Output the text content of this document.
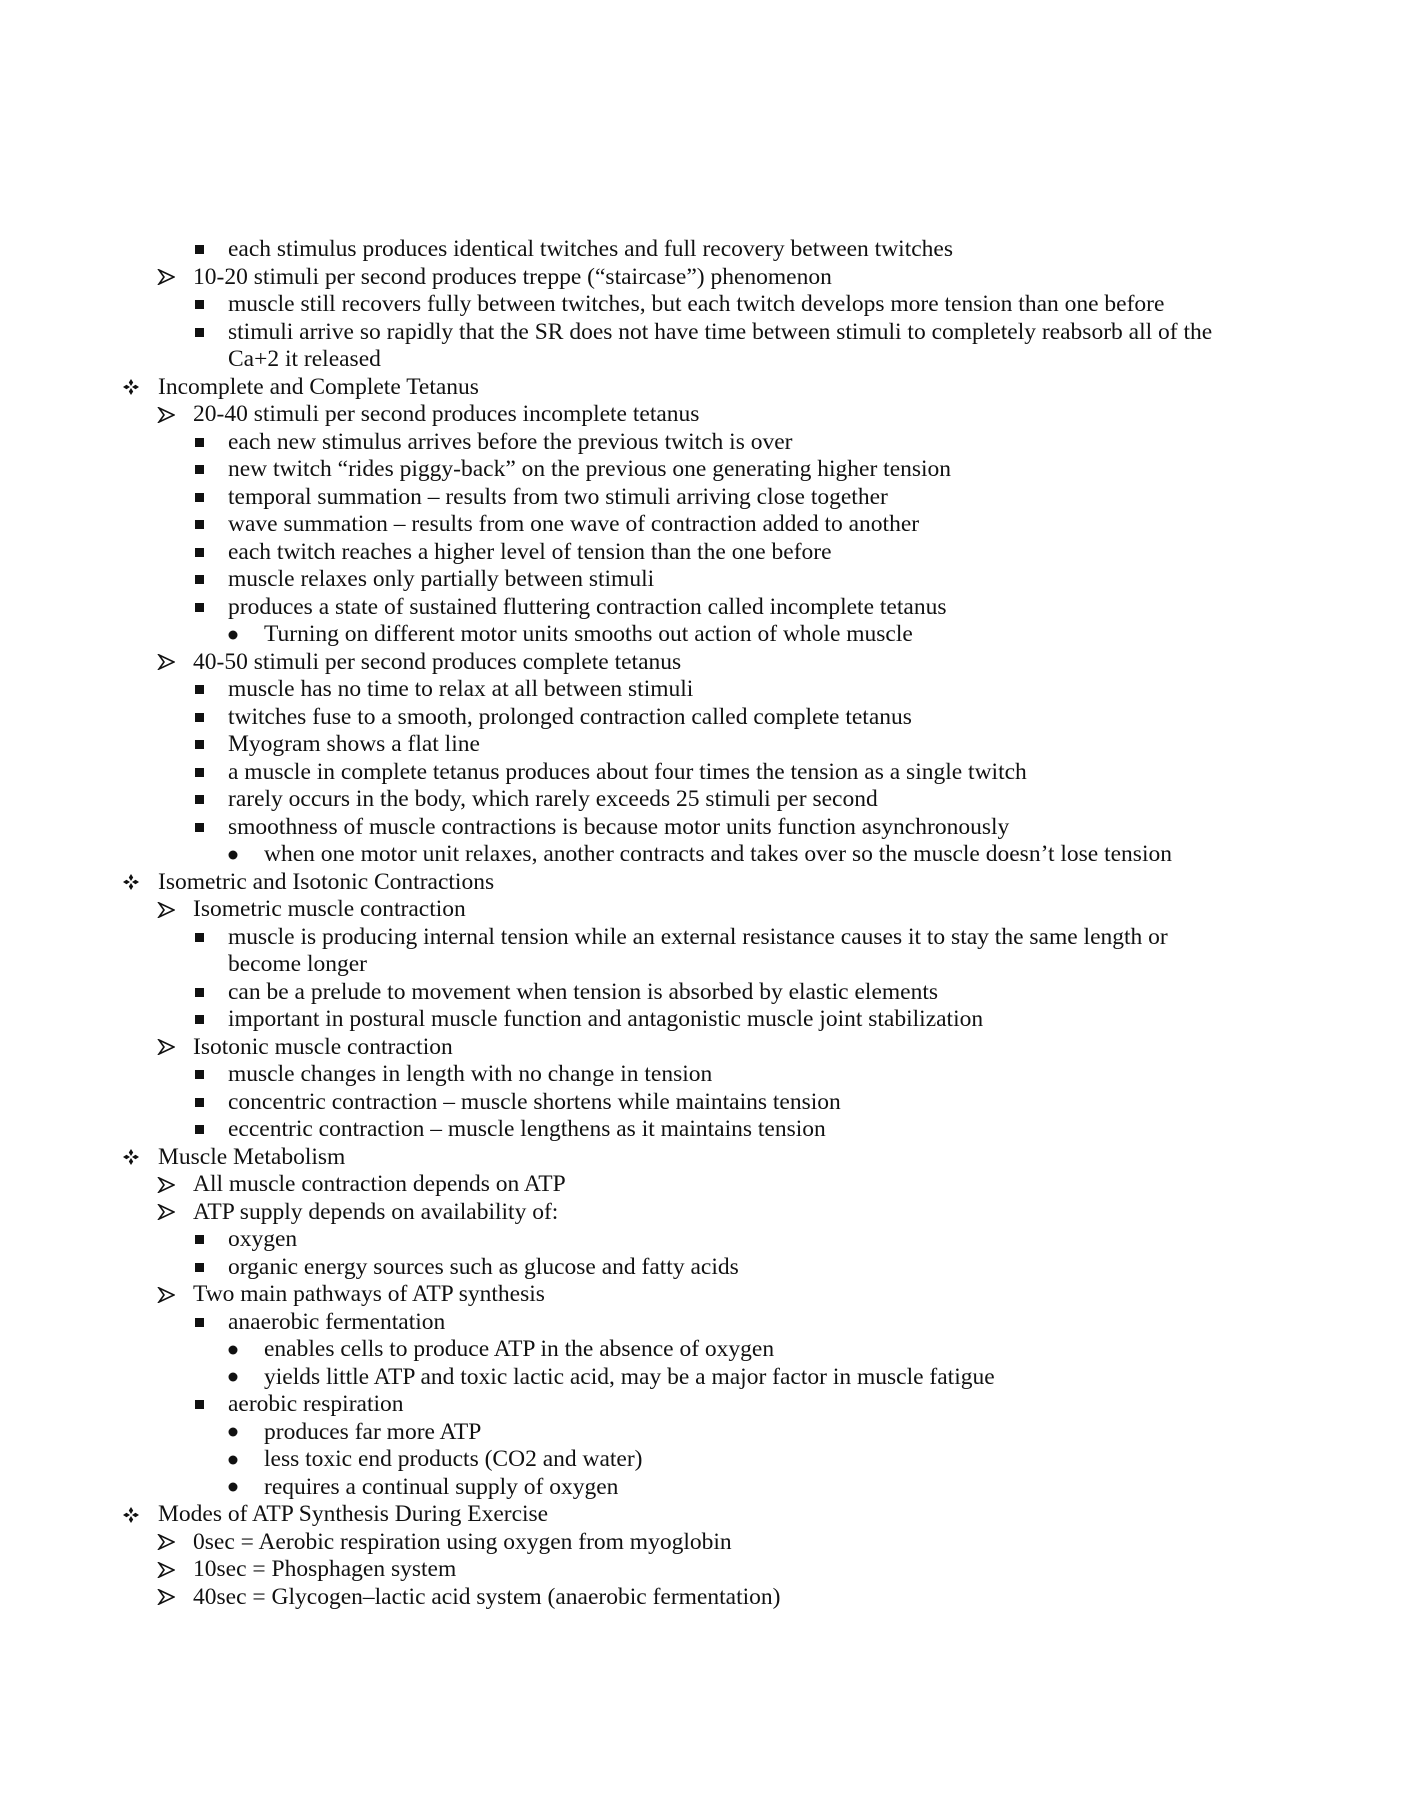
each stimulus produces identical twitches and full recovery between twitches
10-20 stimuli per second produces treppe (“staircase”) phenomenon
muscle still recovers fully between twitches, but each twitch develops more tension than one before
stimuli arrive so rapidly that the SR does not have time between stimuli to completely reabsorb all of the Ca+2 it released
Incomplete and Complete Tetanus
20-40 stimuli per second produces incomplete tetanus
each new stimulus arrives before the previous twitch is over
new twitch “rides piggy-back” on the previous one generating higher tension
temporal summation – results from two stimuli arriving close together
wave summation – results from one wave of contraction added to another
each twitch reaches a higher level of tension than the one before
muscle relaxes only partially between stimuli
produces a state of sustained fluttering contraction called incomplete tetanus
Turning on different motor units smooths out action of whole muscle
40-50 stimuli per second produces complete tetanus
muscle has no time to relax at all between stimuli
twitches fuse to a smooth, prolonged contraction called complete tetanus
Myogram shows a flat line
a muscle in complete tetanus produces about four times the tension as a single twitch
rarely occurs in the body, which rarely exceeds 25 stimuli per second
smoothness of muscle contractions is because motor units function asynchronously
when one motor unit relaxes, another contracts and takes over so the muscle doesn’t lose tension
Isometric and Isotonic Contractions
Isometric muscle contraction
muscle is producing internal tension while an external resistance causes it to stay the same length or become longer
can be a prelude to movement when tension is absorbed by elastic elements
important in postural muscle function and antagonistic muscle joint stabilization
Isotonic muscle contraction
muscle changes in length with no change in tension
concentric contraction – muscle shortens while maintains tension
eccentric contraction – muscle lengthens as it maintains tension
Muscle Metabolism
All muscle contraction depends on ATP
ATP supply depends on availability of:
oxygen
organic energy sources such as glucose and fatty acids
Two main pathways of ATP synthesis
anaerobic fermentation
enables cells to produce ATP in the absence of oxygen
yields little ATP and toxic lactic acid, may be a major factor in muscle fatigue
aerobic respiration
produces far more ATP
less toxic end products (CO2 and water)
requires a continual supply of oxygen
Modes of ATP Synthesis During Exercise
0sec = Aerobic respiration using oxygen from myoglobin
10sec = Phosphagen system
40sec = Glycogen–lactic acid system (anaerobic fermentation)
